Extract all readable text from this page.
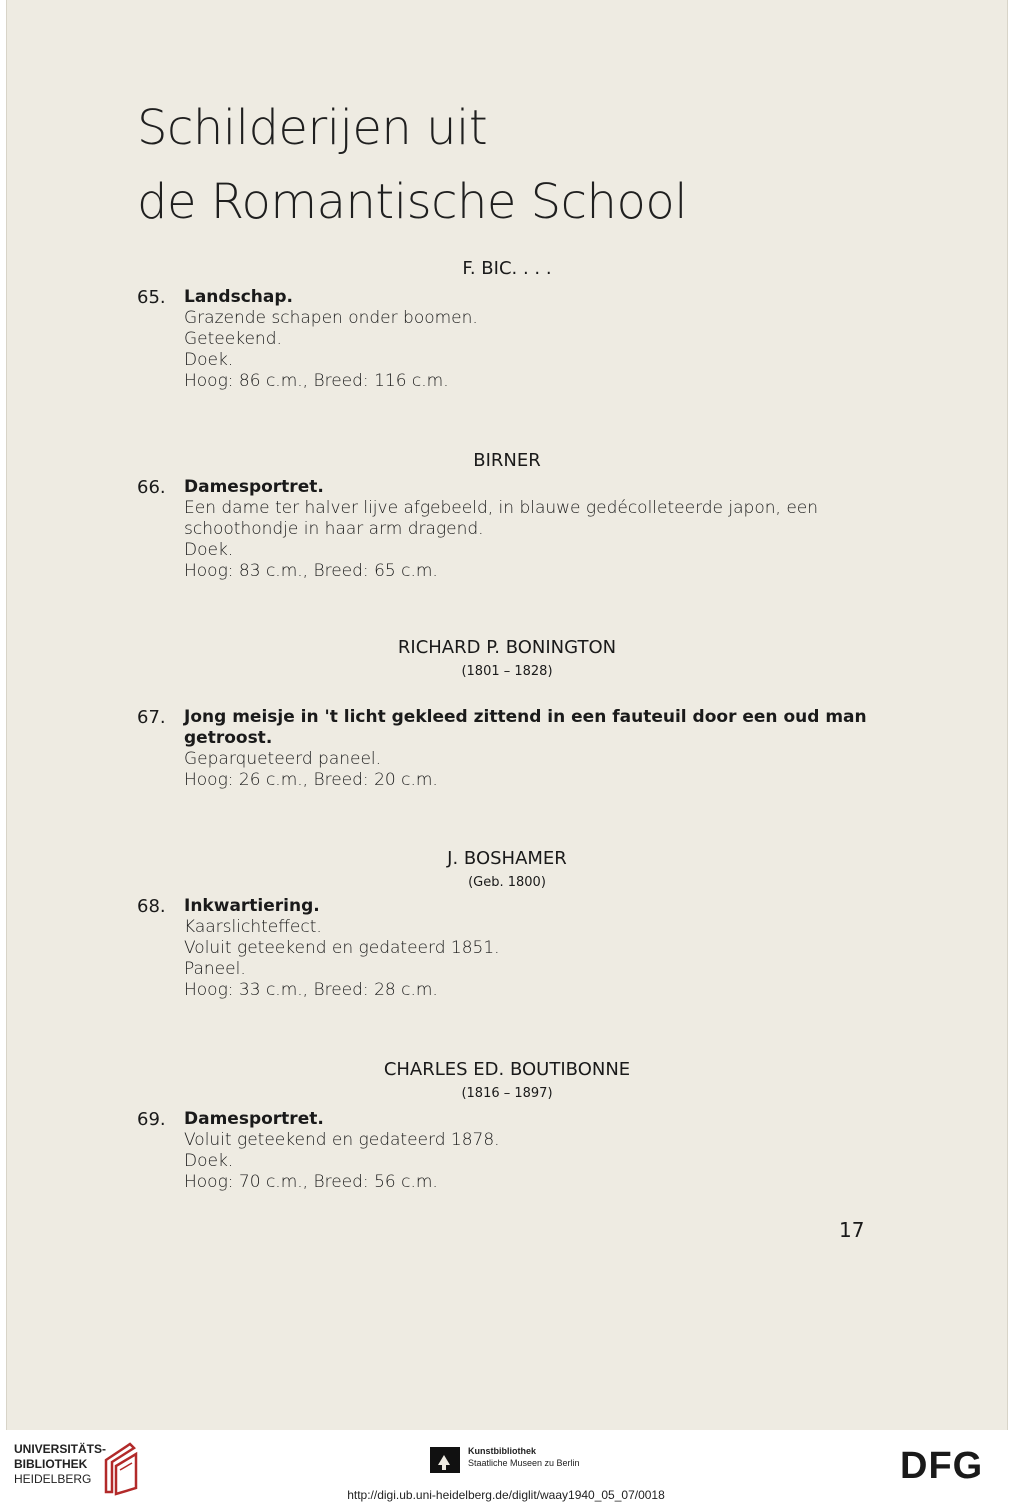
Schilderijen uit
de Romantische School
F. BIC. . . .
65. Landschap.
Grazende schapen onder boomen.
Geteekend.
Doek.
Hoog: 86 c.m., Breed: 116 c.m.
BIRNER
66. Damesportret.
Een dame ter halver lijve afgebeeld, in blauwe gedécolleteerde japon, een
schoothondje in haar arm dragend.
Doek.
Hoog: 83 c.m., Breed: 65 c.m.
RICHARD P. BONINGTON
(1801 – 1828)
67. Jong meisje in 't licht gekleed zittend in een fauteuil door een oud man
getroost.
Geparqueteerd paneel.
Hoog: 26 c.m., Breed: 20 c.m.
J. BOSHAMER
(Geb. 1800)
68. Inkwartiering.
Kaarslichteffect.
Voluit geteekend en gedateerd 1851.
Paneel.
Hoog: 33 c.m., Breed: 28 c.m.
CHARLES ED. BOUTIBONNE
(1816 – 1897)
69. Damesportret.
Voluit geteekend en gedateerd 1878.
Doek.
Hoog: 70 c.m., Breed: 56 c.m.
17
UNIVERSITÄTS-
BIBLIOTHEK
HEIDELBERG
Kunstbibliothek
Staatliche Museen zu Berlin	DFG
http://digi.ub.uni-heidelberg.de/diglit/waay1940_05_07/0018
